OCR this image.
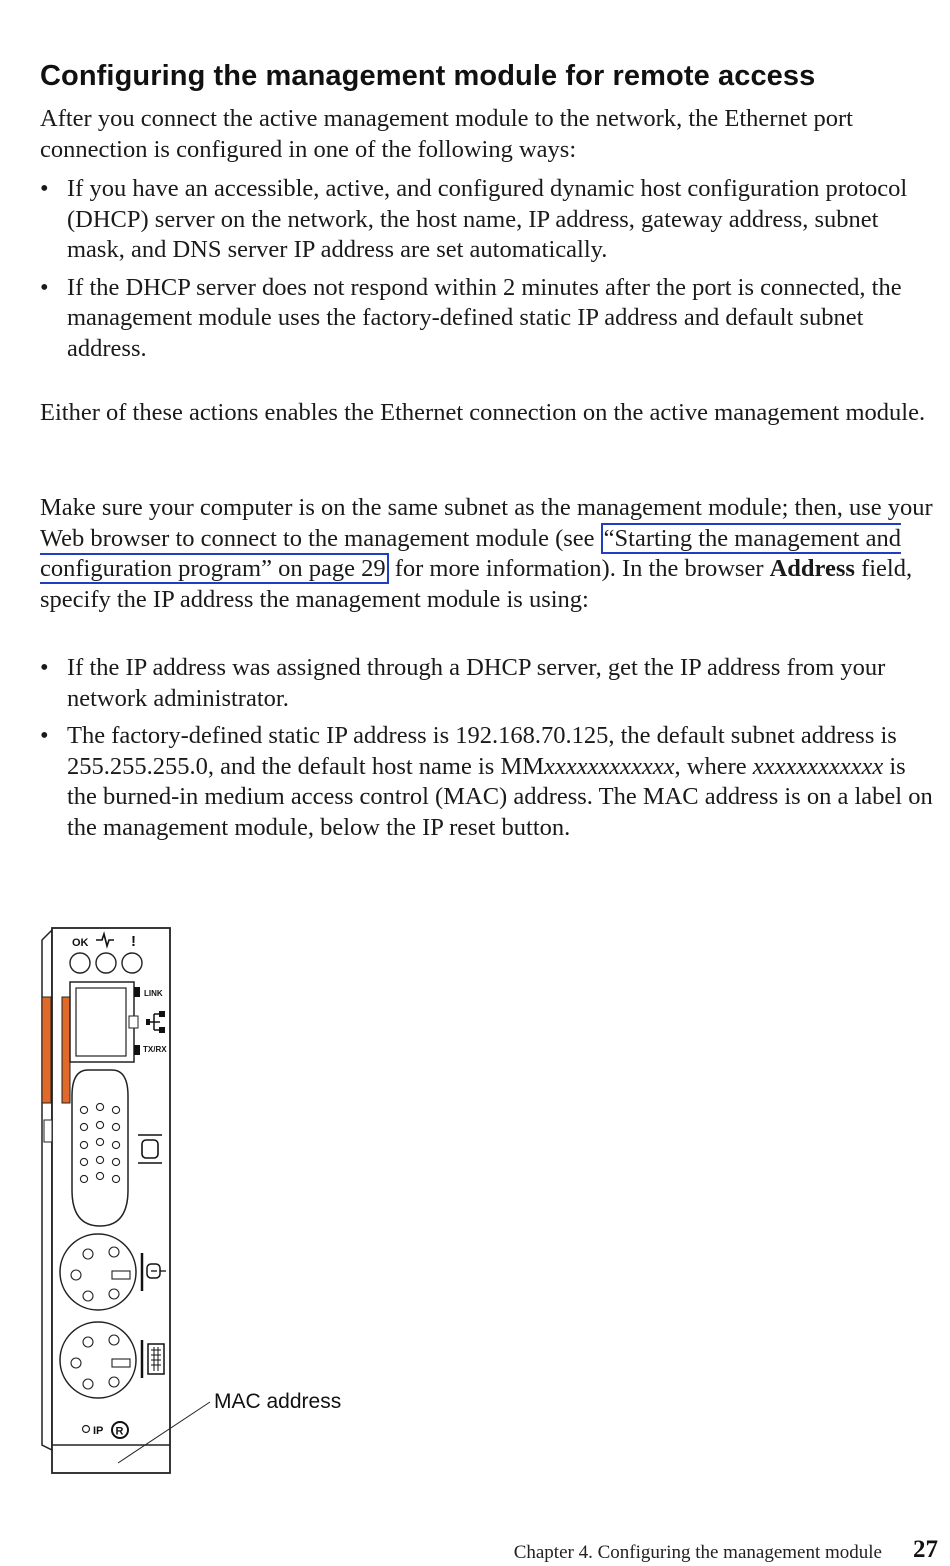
Configuring the management module for remote access

After you connect the active management module to the network, the Ethernet port connection is configured in one of the following ways:

• If you have an accessible, active, and configured dynamic host configuration protocol (DHCP) server on the network, the host name, IP address, gateway address, subnet mask, and DNS server IP address are set automatically.
• If the DHCP server does not respond within 2 minutes after the port is connected, the management module uses the factory-defined static IP address and default subnet address.

Either of these actions enables the Ethernet connection on the active management module.

Make sure your computer is on the same subnet as the management module; then, use your Web browser to connect to the management module (see “Starting the management and configuration program” on page 29 for more information). In the browser Address field, specify the IP address the management module is using:

• If the IP address was assigned through a DHCP server, get the IP address from your network administrator.
• The factory-defined static IP address is 192.168.70.125, the default subnet address is 255.255.255.0, and the default host name is MMxxxxxxxxxxxx, where xxxxxxxxxxxx is the burned-in medium access control (MAC) address. The MAC address is on a label on the management module, below the IP reset button.
OK	!
LINK
TX/RX
IP R
MAC address
Chapter 4. Configuring the management module 27
